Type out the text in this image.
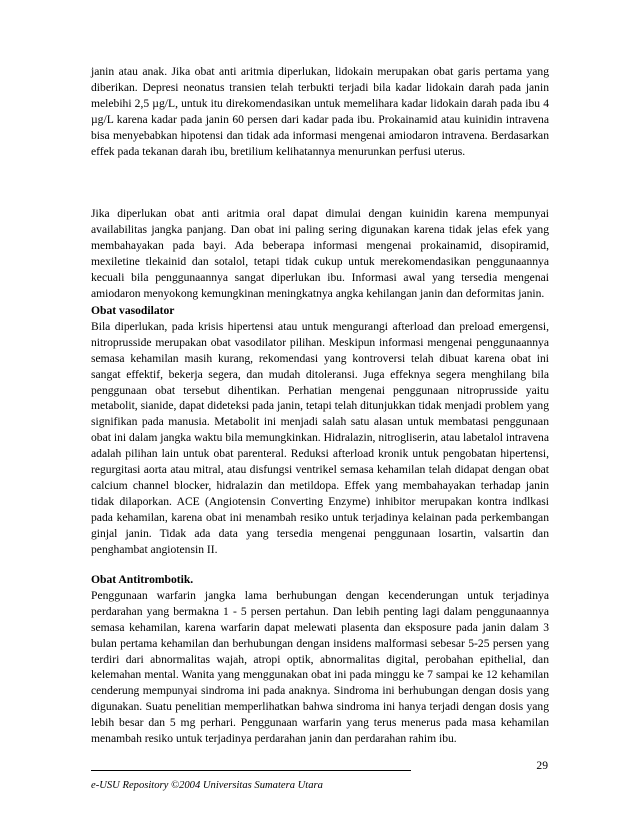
janin atau anak. Jika obat anti aritmia diperlukan, lidokain merupakan obat garis pertama yang diberikan. Depresi neonatus transien telah terbukti terjadi bila kadar lidokain darah pada janin melebihi 2,5 µg/L, untuk itu direkomendasikan untuk memelihara kadar lidokain darah pada ibu 4 µg/L karena kadar pada janin 60 persen dari kadar pada ibu. Prokainamid atau kuinidin intravena bisa menyebabkan hipotensi dan tidak ada informasi mengenai amiodaron intravena. Berdasarkan effek pada tekanan darah ibu, bretilium kelihatannya menurunkan perfusi uterus.

Jika diperlukan obat anti aritmia oral dapat dimulai dengan kuinidin karena mempunyai availabilitas jangka panjang. Dan obat ini paling sering digunakan karena tidak jelas efek yang membahayakan pada bayi. Ada beberapa informasi mengenai prokainamid, disopiramid, mexiletine tlekainid dan sotalol, tetapi tidak cukup untuk merekomendasikan penggunaannya kecuali bila penggunaannya sangat diperlukan ibu. Informasi awal yang tersedia mengenai amiodaron menyokong kemungkinan meningkatnya angka kehilangan janin dan deformitas janin.

Obat vasodilator

Bila diperlukan, pada krisis hipertensi atau untuk mengurangi afterload dan preload emergensi, nitroprusside merupakan obat vasodilator pilihan. Meskipun informasi mengenai penggunaannya semasa kehamilan masih kurang, rekomendasi yang kontroversi telah dibuat karena obat ini sangat effektif, bekerja segera, dan mudah ditoleransi. Juga effeknya segera menghilang bila penggunaan obat tersebut dihentikan. Perhatian mengenai penggunaan nitroprusside yaitu metabolit, sianide, dapat dideteksi pada janin, tetapi telah ditunjukkan tidak menjadi problem yang signifikan pada manusia. Metabolit ini menjadi salah satu alasan untuk membatasi penggunaan obat ini dalam jangka waktu bila memungkinkan. Hidralazin, nitrogliserin, atau labetalol intravena adalah pilihan lain untuk obat parenteral. Reduksi afterload kronik untuk pengobatan hipertensi, regurgitasi aorta atau mitral, atau disfungsi ventrikel semasa kehamilan telah didapat dengan obat calcium channel blocker, hidralazin dan metildopa. Effek yang membahayakan terhadap janin tidak dilaporkan. ACE (Angiotensin Converting Enzyme) inhibitor merupakan kontra indlkasi pada kehamilan, karena obat ini menambah resiko untuk terjadinya kelainan pada perkembangan ginjal janin. Tidak ada data yang tersedia mengenai penggunaan losartin, valsartin dan penghambat angiotensin II.

Obat Antitrombotik.

Penggunaan warfarin jangka lama berhubungan dengan kecenderungan untuk terjadinya perdarahan yang bermakna 1 - 5 persen pertahun. Dan lebih penting lagi dalam penggunaannya semasa kehamilan, karena warfarin dapat melewati plasenta dan eksposure pada janin dalam 3 bulan pertama kehamilan dan berhubungan dengan insidens malformasi sebesar 5-25 persen yang terdiri dari abnormalitas wajah, atropi optik, abnormalitas digital, perobahan epithelial, dan kelemahan mental. Wanita yang menggunakan obat ini pada minggu ke 7 sampai ke 12 kehamilan cenderung mempunyai sindroma ini pada anaknya. Sindroma ini berhubungan dengan dosis yang digunakan. Suatu penelitian memperlihatkan bahwa sindroma ini hanya terjadi dengan dosis yang lebih besar dan 5 mg perhari. Penggunaan warfarin yang terus menerus pada masa kehamilan menambah resiko untuk terjadinya perdarahan janin dan perdarahan rahim ibu.

29
e-USU Repository ©2004 Universitas Sumatera Utara
